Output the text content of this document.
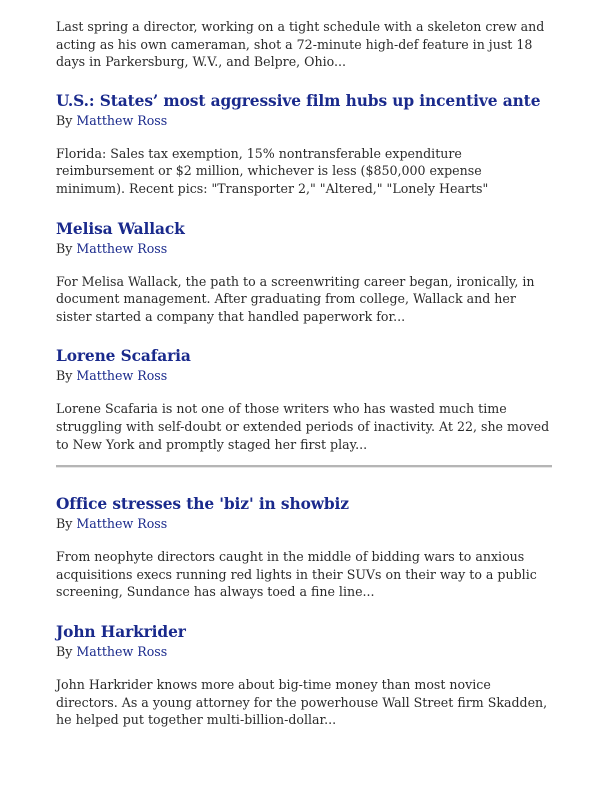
Last spring a director, working on a tight schedule with a skeleton crew and acting as his own cameraman, shot a 72-minute high-def feature in just 18 days in Parkersburg, W.V., and Belpre, Ohio...

U.S.: States’ most aggressive film hubs up incentive ante

By Matthew Ross

Florida: Sales tax exemption, 15% nontransferable expenditure reimbursement or $2 million, whichever is less ($850,000 expense minimum). Recent pics: "Transporter 2," "Altered," "Lonely Hearts"

Melisa Wallack

By Matthew Ross

For Melisa Wallack, the path to a screenwriting career began, ironically, in document management. After graduating from college, Wallack and her sister started a company that handled paperwork for...

Lorene Scafaria

By Matthew Ross

Lorene Scafaria is not one of those writers who has wasted much time struggling with self-doubt or extended periods of inactivity. At 22, she moved to New York and promptly staged her first play...

Office stresses the 'biz' in showbiz

By Matthew Ross

From neophyte directors caught in the middle of bidding wars to anxious acquisitions execs running red lights in their SUVs on their way to a public screening, Sundance has always toed a fine line...

John Harkrider

By Matthew Ross

John Harkrider knows more about big-time money than most novice directors. As a young attorney for the powerhouse Wall Street firm Skadden, he helped put together multi-billion-dollar...
